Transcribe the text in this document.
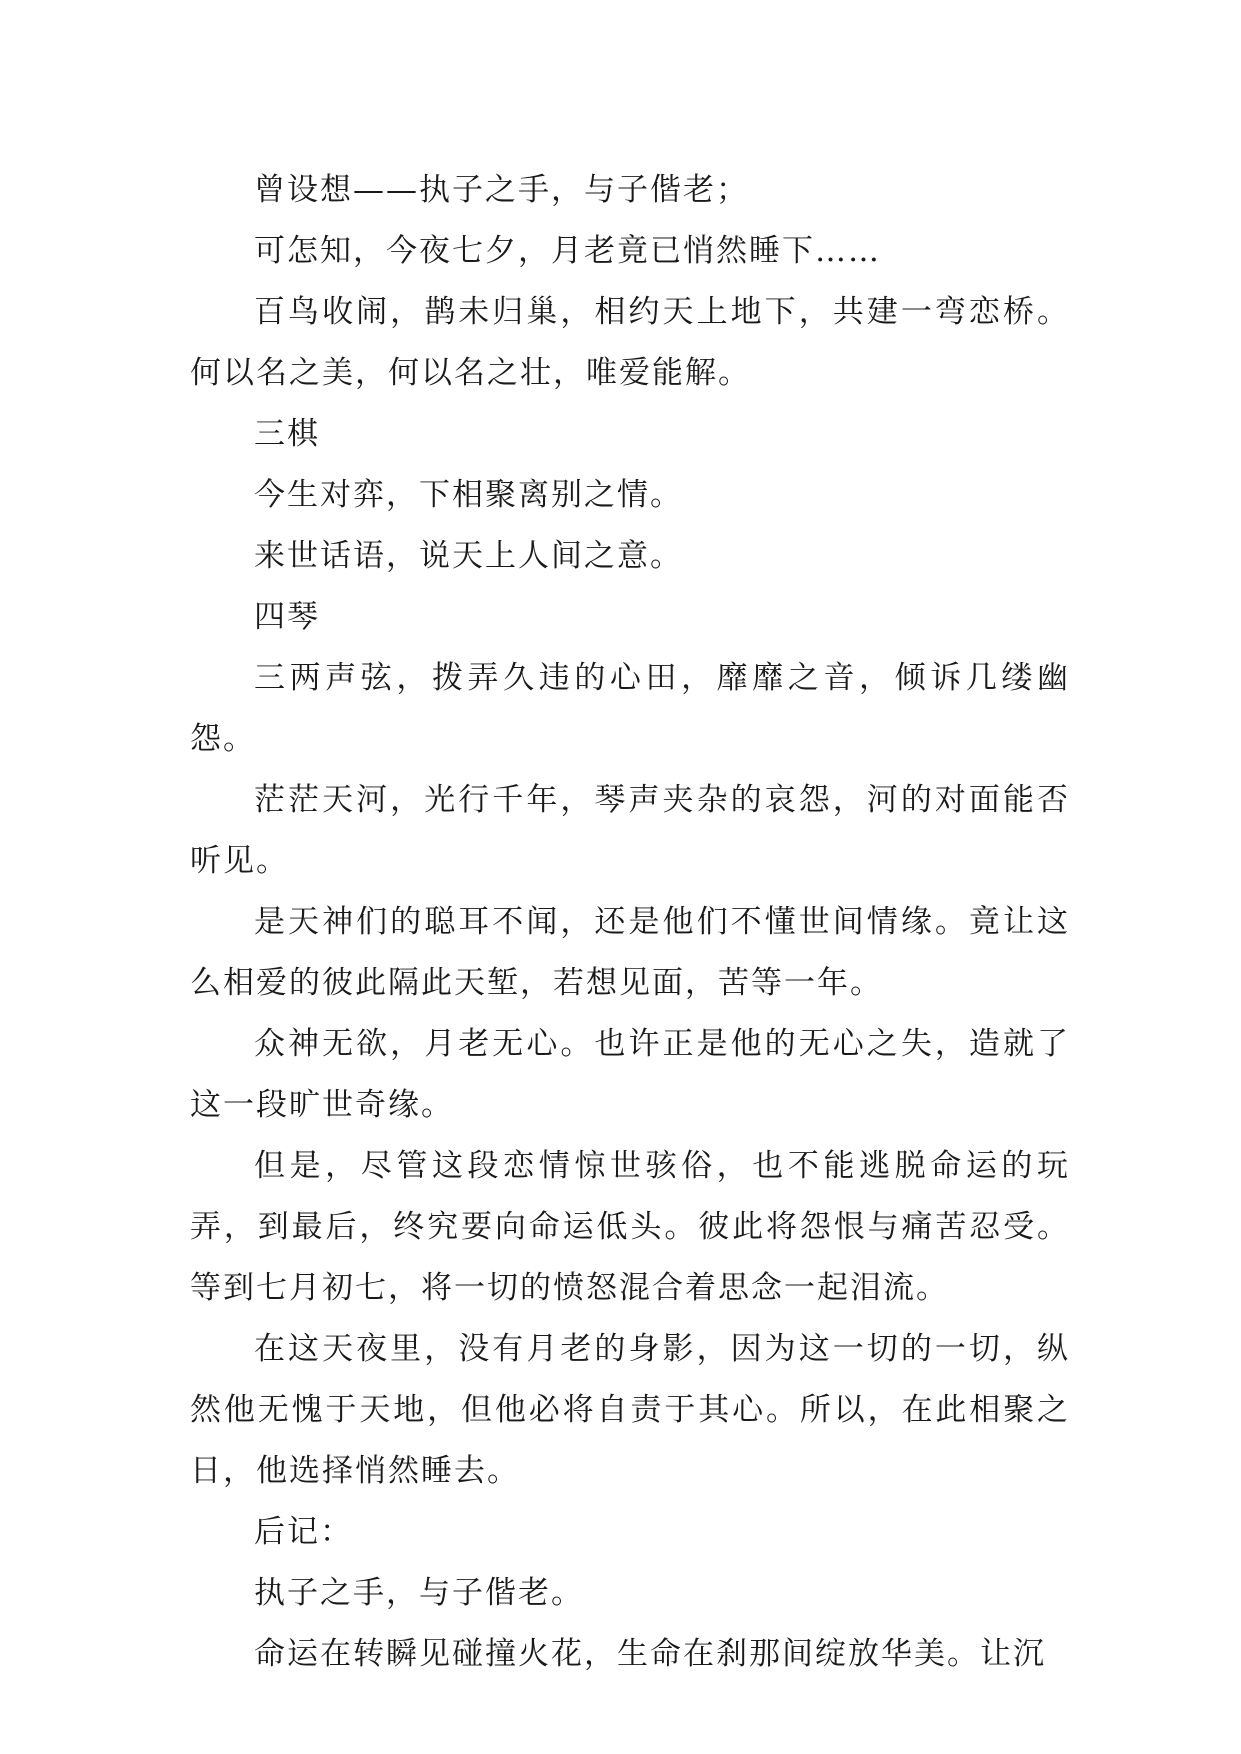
曾设想——执子之手，与子偕老；

可怎知，今夜七夕，月老竟已悄然睡下……

百鸟收闹，鹊未归巢，相约天上地下，共建一弯恋桥。何以名之美，何以名之壮，唯爱能解。

三棋

今生对弈，下相聚离别之情。

来世话语，说天上人间之意。

四琴

三两声弦，拨弄久违的心田，靡靡之音，倾诉几缕幽怨。

茫茫天河，光行千年，琴声夹杂的哀怨，河的对面能否听见。

是天神们的聪耳不闻，还是他们不懂世间情缘。竟让这么相爱的彼此隔此天堑，若想见面，苦等一年。

众神无欲，月老无心。也许正是他的无心之失，造就了这一段旷世奇缘。

但是，尽管这段恋情惊世骇俗，也不能逃脱命运的玩弄，到最后，终究要向命运低头。彼此将怨恨与痛苦忍受。等到七月初七，将一切的愤怒混合着思念一起泪流。

在这天夜里，没有月老的身影，因为这一切的一切，纵然他无愧于天地，但他必将自责于其心。所以，在此相聚之日，他选择悄然睡去。

后记：

执子之手，与子偕老。

命运在转瞬见碰撞火花，生命在刹那间绽放华美。让沉
